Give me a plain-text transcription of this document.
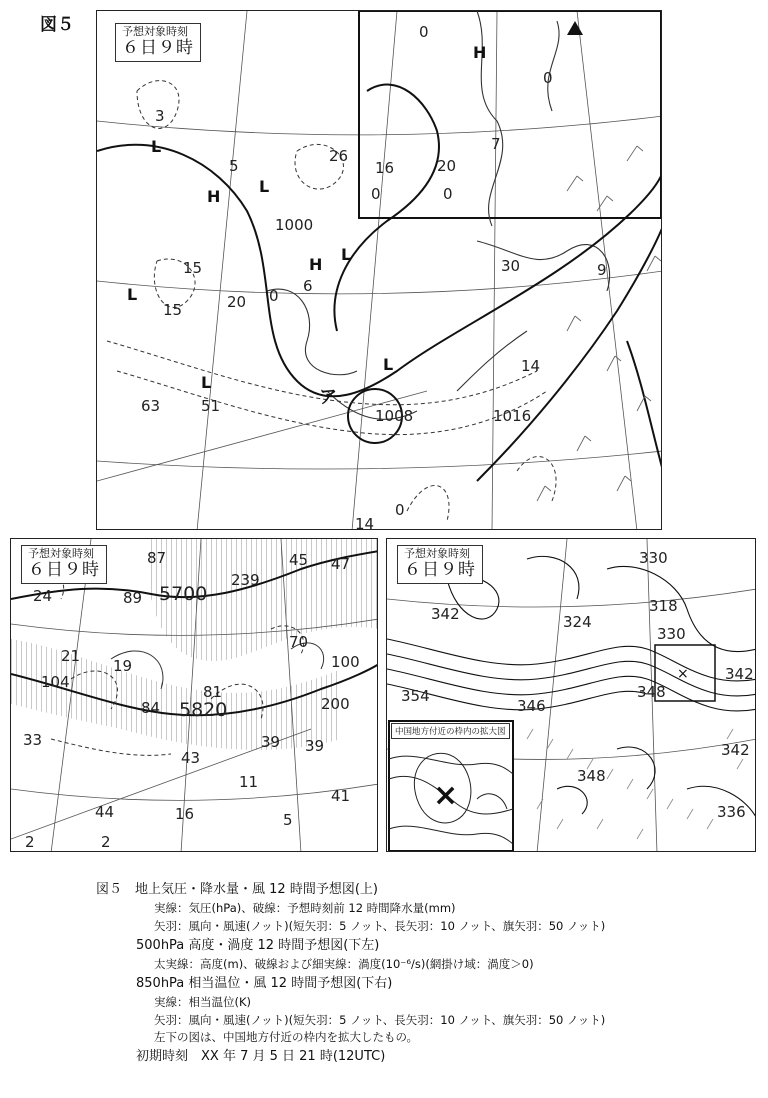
図５	予想対象時刻
６日９時
1000
1008	1016
L
L
L
L
L
L
H
H
H
0
0
0	0
0
0
3
5
15
15	20
20
6
7
9
14
14
16
26
30
63	51	ア
予想対象時刻
６日９時
5700
5820
87
89
104
19
81
84
24
21
33
43
39 39
11
16
44
2	2
5
41
45 47
70
100
200
239
予想対象時刻
６日９時
330
318
324
342
342
342
336
348
354
346
330
348
中国地方付近の枠内の拡大図
×
×
図５　 地上気圧・降水量・風 12 時間予想図(上)
実線：気圧(hPa)、破線：予想時刻前 12 時間降水量(mm)
矢羽：風向・風速(ノット)(短矢羽：5 ノット、長矢羽：10 ノット、旗矢羽：50 ノット)
500hPa 高度・渦度 12 時間予想図(下左)
太実線：高度(m)、破線および細実線：渦度(10⁻⁶/s)(網掛け域：渦度＞0)
850hPa 相当温位・風 12 時間予想図(下右)
実線：相当温位(K)
矢羽：風向・風速(ノット)(短矢羽：5 ノット、長矢羽：10 ノット、旗矢羽：50 ノット)
左下の図は、中国地方付近の枠内を拡大したもの。
初期時刻　XX 年 7 月 5 日 21 時(12UTC)
